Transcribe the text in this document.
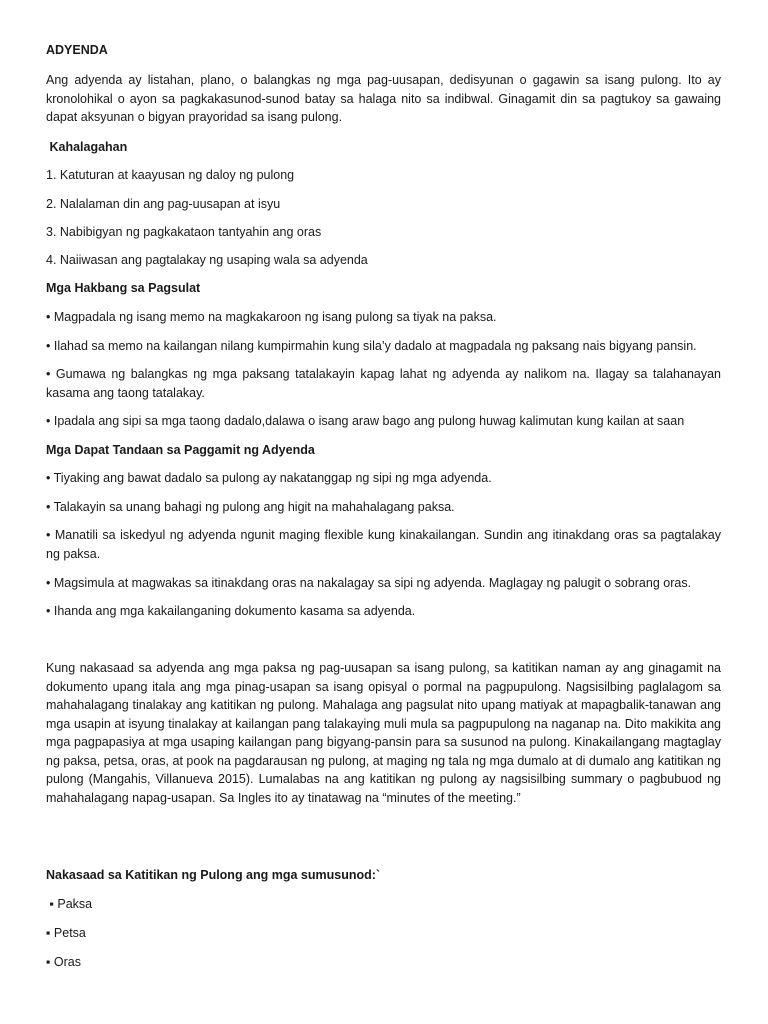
ADYENDA

Ang adyenda ay listahan, plano, o balangkas ng mga pag-uusapan, dedisyunan o gagawin sa isang pulong. Ito ay kronolohikal o ayon sa pagkakasunod-sunod batay sa halaga nito sa indibwal. Ginagamit din sa pagtukoy sa gawaing dapat aksyunan o bigyan prayoridad sa isang pulong.

Kahalagahan

1. Katuturan at kaayusan ng daloy ng pulong

2. Nalalaman din ang pag-uusapan at isyu

3. Nabibigyan ng pagkakataon tantyahin ang oras

4. Naiiwasan ang pagtalakay ng usaping wala sa adyenda

Mga Hakbang sa Pagsulat

• Magpadala ng isang memo na magkakaroon ng isang pulong sa tiyak na paksa.

• Ilahad sa memo na kailangan nilang kumpirmahin kung sila’y dadalo at magpadala ng paksang nais bigyang pansin.

• Gumawa ng balangkas ng mga paksang tatalakayin kapag lahat ng adyenda ay nalikom na. Ilagay sa talahanayan kasama ang taong tatalakay.

• Ipadala ang sipi sa mga taong dadalo,dalawa o isang araw bago ang pulong huwag kalimutan kung kailan at saan

Mga Dapat Tandaan sa Paggamit ng Adyenda

• Tiyaking ang bawat dadalo sa pulong ay nakatanggap ng sipi ng mga adyenda.

• Talakayin sa unang bahagi ng pulong ang higit na mahahalagang paksa.

• Manatili sa iskedyul ng adyenda ngunit maging flexible kung kinakailangan. Sundin ang itinakdang oras sa pagtalakay ng paksa.

• Magsimula at magwakas sa itinakdang oras na nakalagay sa sipi ng adyenda. Maglagay ng palugit o sobrang oras.

• Ihanda ang mga kakailanganing dokumento kasama sa adyenda.

Kung nakasaad sa adyenda ang mga paksa ng pag-uusapan sa isang pulong, sa katitikan naman ay ang ginagamit na dokumento upang itala ang mga pinag-usapan sa isang opisyal o pormal na pagpupulong. Nagsisilbing paglalagom sa mahahalagang tinalakay ang katitikan ng pulong. Mahalaga ang pagsulat nito upang matiyak at mapagbalik-tanawan ang mga usapin at isyung tinalakay at kailangan pang talakaying muli mula sa pagpupulong na naganap na. Dito makikita ang mga pagpapasiya at mga usaping kailangan pang bigyang-pansin para sa susunod na pulong. Kinakailangang magtaglay ng paksa, petsa, oras, at pook na pagdarausan ng pulong, at maging ng tala ng mga dumalo at di dumalo ang katitikan ng pulong (Mangahis, Villanueva 2015). Lumalabas na ang katitikan ng pulong ay nagsisilbing summary o pagbubuod ng mahahalagang napag-usapan. Sa Ingles ito ay tinatawag na “minutes of the meeting.”

Nakasaad sa Katitikan ng Pulong ang mga sumusunod:`

▪ Paksa

▪ Petsa

▪ Oras
